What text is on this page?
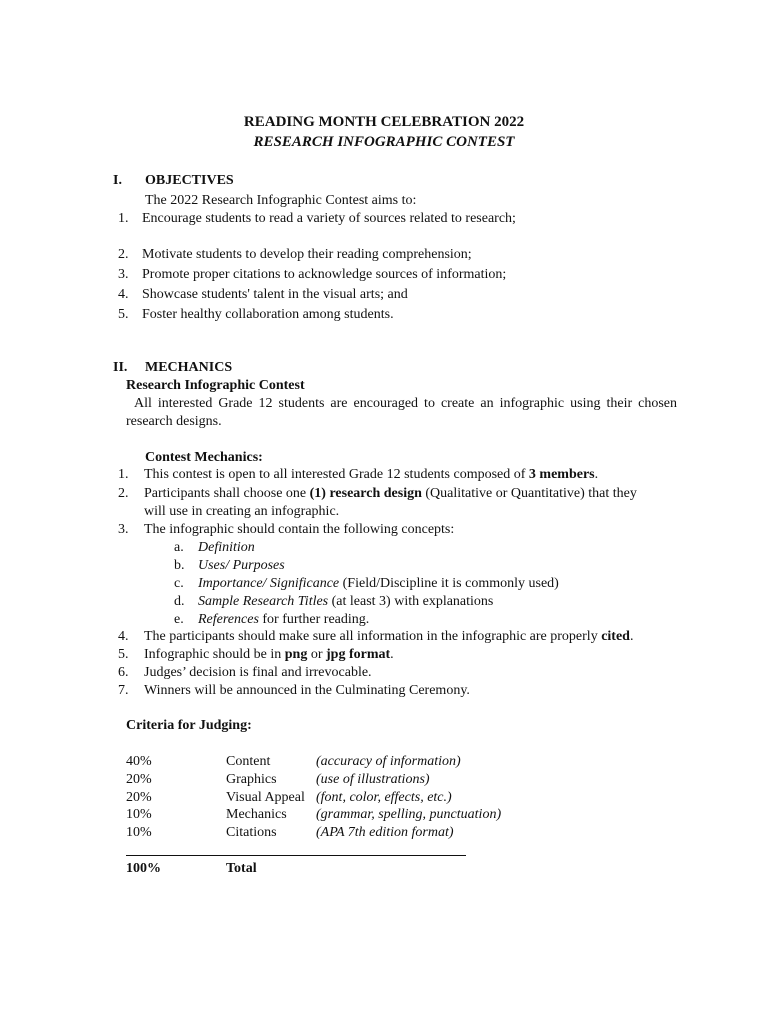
READING MONTH CELEBRATION 2022
RESEARCH INFOGRAPHIC CONTEST
I. OBJECTIVES
The 2022 Research Infographic Contest aims to:
1. Encourage students to read a variety of sources related to research;
2. Motivate students to develop their reading comprehension;
3. Promote proper citations to acknowledge sources of information;
4. Showcase students' talent in the visual arts; and
5. Foster healthy collaboration among students.
II. MECHANICS
Research Infographic Contest
All interested Grade 12 students are encouraged to create an infographic using their chosen research designs.
Contest Mechanics:
1. This contest is open to all interested Grade 12 students composed of 3 members.
2. Participants shall choose one (1) research design (Qualitative or Quantitative) that they
will use in creating an infographic.
3. The infographic should contain the following concepts:
a. Definition
b. Uses/ Purposes
c. Importance/ Significance (Field/Discipline it is commonly used)
d. Sample Research Titles (at least 3) with explanations
e. References for further reading.
4. The participants should make sure all information in the infographic are properly cited.
5. Infographic should be in png or jpg format.
6. Judges’ decision is final and irrevocable.
7. Winners will be announced in the Culminating Ceremony.
Criteria for Judging:
40%	Content	(accuracy of information)
20%	Graphics	(use of illustrations)
20%	Visual Appeal (font, color, effects, etc.)
10%	Mechanics (grammar, spelling, punctuation)
10%	Citations	(APA 7th edition format)
100%	Total
